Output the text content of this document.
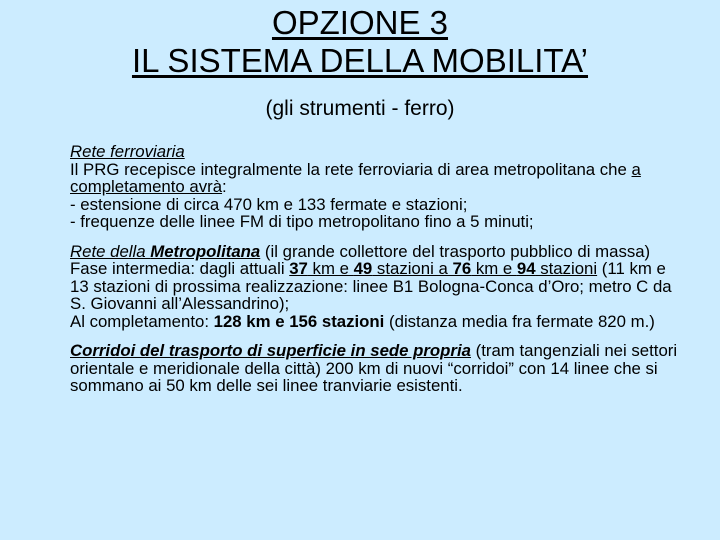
OPZIONE 3
IL SISTEMA DELLA MOBILITA’
(gli strumenti - ferro)

Rete ferroviaria

Il PRG recepisce integralmente la rete ferroviaria di area metropolitana che a completamento avrà:

- estensione di circa 470 km e 133 fermate e stazioni;

- frequenze delle linee FM di tipo metropolitano fino a 5 minuti;

Rete della Metropolitana (il grande collettore del trasporto pubblico di massa)

Fase intermedia: dagli attuali 37 km e 49 stazioni a 76 km e 94 stazioni (11 km e 13 stazioni di prossima realizzazione: linee B1 Bologna-Conca d’Oro; metro C da S. Giovanni all’Alessandrino);

Al completamento: 128 km e 156 stazioni (distanza media fra fermate 820 m.)

Corridoi del trasporto di superficie in sede propria (tram tangenziali nei settori orientale e meridionale della città) 200 km di nuovi “corridoi” con 14 linee che si sommano ai 50 km delle sei linee tranviarie esistenti.
